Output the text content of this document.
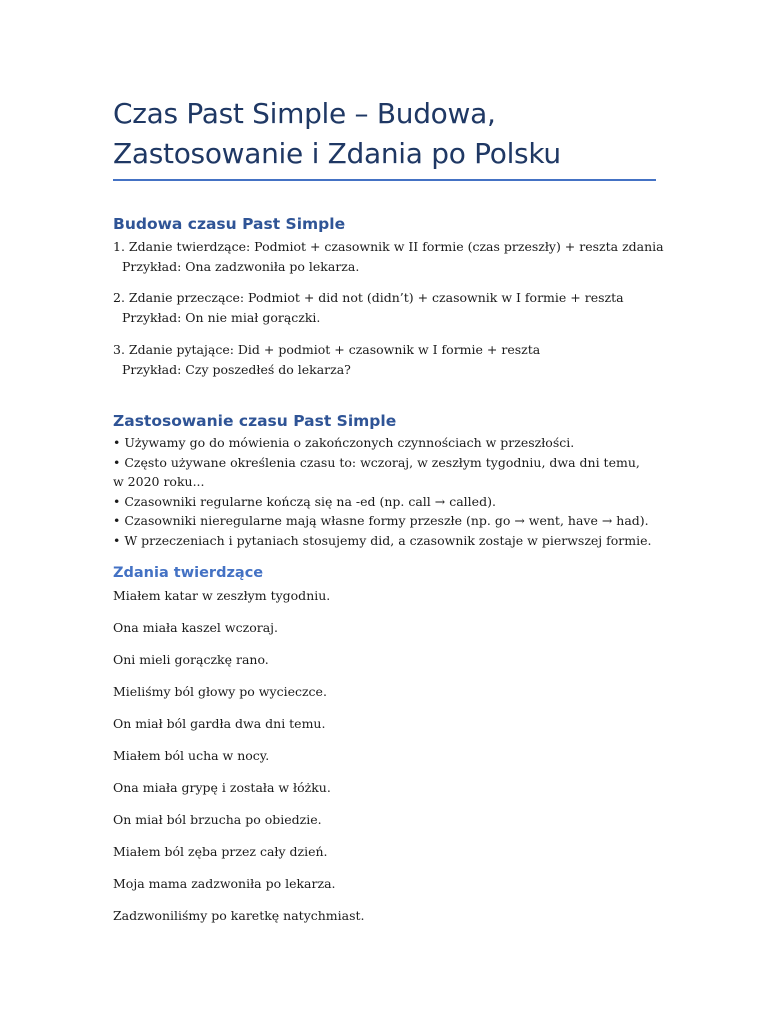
Czas Past Simple – Budowa,
Zastosowanie i Zdania po Polsku
Budowa czasu Past Simple

1. Zdanie twierdzące: Podmiot + czasownik w II formie (czas przeszły) + reszta zdania

Przykład: Ona zadzwoniła po lekarza.

2. Zdanie przeczące: Podmiot + did not (didn’t) + czasownik w I formie + reszta

Przykład: On nie miał gorączki.

3. Zdanie pytające: Did + podmiot + czasownik w I formie + reszta

Przykład: Czy poszedłeś do lekarza?

Zastosowanie czasu Past Simple

• Używamy go do mówienia o zakończonych czynnościach w przeszłości.

• Często używane określenia czasu to: wczoraj, w zeszłym tygodniu, dwa dni temu, w 2020 roku...

• Czasowniki regularne kończą się na -ed (np. call → called).

• Czasowniki nieregularne mają własne formy przeszłe (np. go → went, have → had).

• W przeczeniach i pytaniach stosujemy did, a czasownik zostaje w pierwszej formie.

Zdania twierdzące

Miałem katar w zeszłym tygodniu.

Ona miała kaszel wczoraj.

Oni mieli gorączkę rano.

Mieliśmy ból głowy po wycieczce.

On miał ból gardła dwa dni temu.

Miałem ból ucha w nocy.

Ona miała grypę i została w łóżku.

On miał ból brzucha po obiedzie.

Miałem ból zęba przez cały dzień.

Moja mama zadzwoniła po lekarza.

Zadzwoniliśmy po karetkę natychmiast.
